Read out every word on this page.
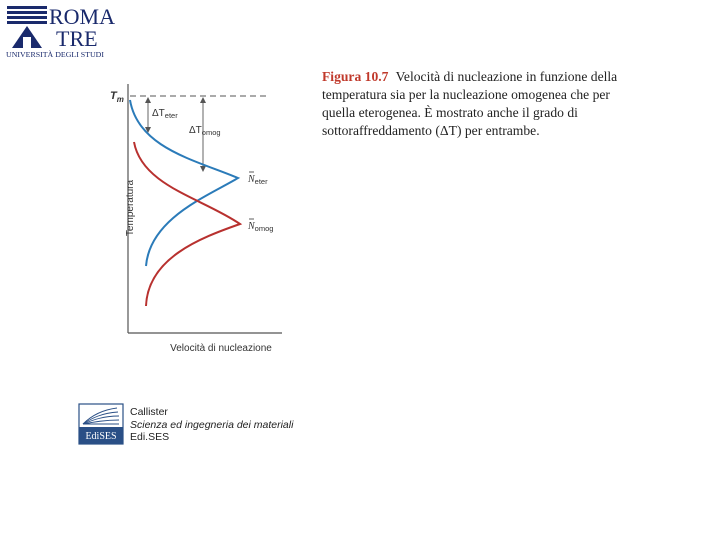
ROMA
TRE
UNIVERSITÀ DEGLI STUDI
$T_m$
$\Delta T_{eter}$
$\Delta T_{omog}$
$N_{eter}$
$N_{omog}$
Temperatura
Velocità di nucleazione
Figura 10.7 Velocità di nucleazione in funzione della temperatura sia per la nucleazione omogenea che per quella eterogenea. È mostrato anche il grado di sottoraffreddamento (ΔT) per entrambe.
EdiSES
Callister
Scienza ed ingegneria dei materiali
Edi.SES
